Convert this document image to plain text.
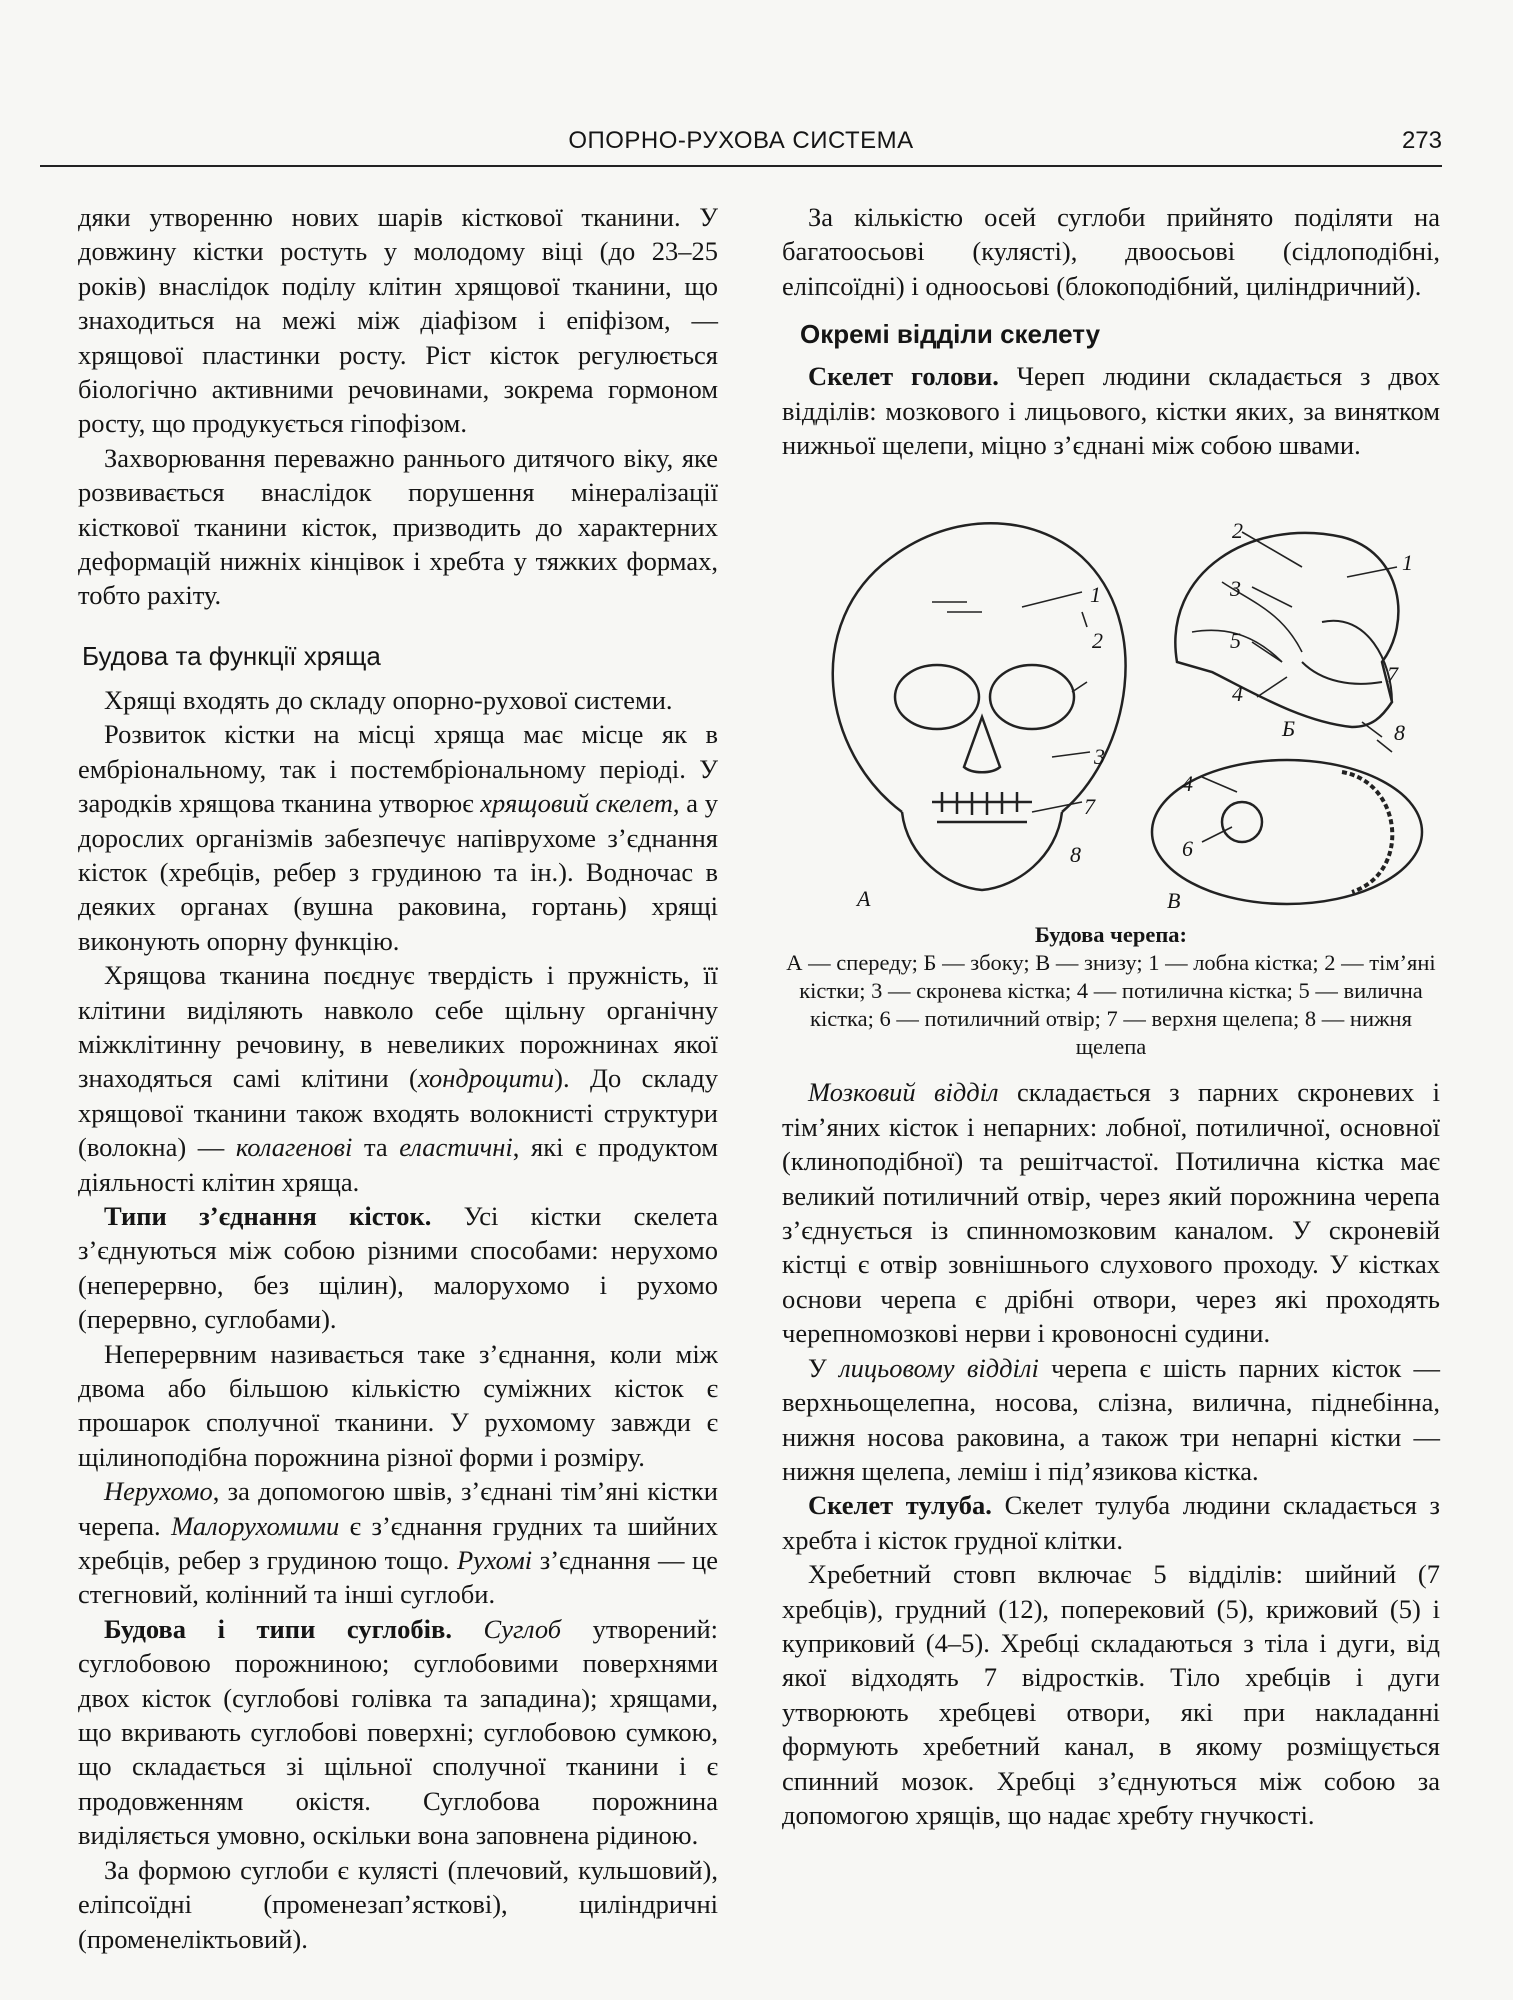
ОПОРНО-РУХОВА СИСТЕМА	273

дяки утворенню нових шарів кісткової тканини. У довжину кістки ростуть у молодому віці (до 23–25 років) внаслідок поділу клітин хрящової тканини, що знаходиться на межі між діафізом і епіфізом, — хрящової пластинки росту. Ріст кісток регулюється біологічно активними речовинами, зокрема гормоном росту, що продукується гіпофізом.

Захворювання переважно раннього дитячого віку, яке розвивається внаслідок порушення мінералізації кісткової тканини кісток, призводить до характерних деформацій нижніх кінцівок і хребта у тяжких формах, тобто рахіту.

Будова та функції хряща

Хрящі входять до складу опорно-рухової системи.

Розвиток кістки на місці хряща має місце як в ембріональному, так і постембріональному періоді. У зародків хрящова тканина утворює хрящовий скелет, а у дорослих організмів забезпечує напіврухоме з’єднання кісток (хребців, ребер з грудиною та ін.). Водночас в деяких органах (вушна раковина, гортань) хрящі виконують опорну функцію.

Хрящова тканина поєднує твердість і пружність, її клітини виділяють навколо себе щільну органічну міжклітинну речовину, в невеликих порожнинах якої знаходяться самі клітини (хондроцити). До складу хрящової тканини також входять волокнисті структури (волокна) — колагенові та еластичні, які є продуктом діяльності клітин хряща.

Типи з’єднання кісток. Усі кістки скелета з’єднуються між собою різними способами: нерухомо (неперервно, без щілин), малорухомо і рухомо (перервно, суглобами).

Неперервним називається таке з’єднання, коли між двома або більшою кількістю суміжних кісток є прошарок сполучної тканини. У рухомому завжди є щілиноподібна порожнина різної форми і розміру.

Нерухомо, за допомогою швів, з’єднані тім’яні кістки черепа. Малорухомими є з’єднання грудних та шийних хребців, ребер з грудиною тощо. Рухомі з’єднання — це стегновий, колінний та інші суглоби.

Будова і типи суглобів. Суглоб утворений: суглобовою порожниною; суглобовими поверхнями двох кісток (суглобові голівка та западина); хрящами, що вкривають суглобові поверхні; суглобовою сумкою, що складається зі щільної сполучної тканини і є продовженням окістя. Суглобова порожнина виділяється умовно, оскільки вона заповнена рідиною.

За формою суглоби є кулясті (плечовий, кульшовий), еліпсоїдні (променезап’ясткові), циліндричні (променеліктьовий).

За кількістю осей суглоби прийнято поділяти на багатоосьові (кулясті), двоосьові (сідлоподібні, еліпсоїдні) і одноосьові (блокоподібний, циліндричний).

Окремі відділи скелету

Скелет голови. Череп людини складається з двох відділів: мозкового і лицьового, кістки яких, за винятком нижньої щелепи, міцно з’єднані між собою швами.

1
2
3
7
8
2
1
3
5
4
7
8
Б
4
6
А	В
Будова черепа:
А — спереду; Б — збоку; В — знизу; 1 — лобна кістка; 2 — тім’яні кістки; 3 — скронева кістка; 4 — потилична кістка; 5 — вилична кістка; 6 — потиличний отвір; 7 — верхня щелепа; 8 — нижня щелепа

Мозковий відділ складається з парних скроневих і тім’яних кісток і непарних: лобної, потиличної, основної (клиноподібної) та решітчастої. Потилична кістка має великий потиличний отвір, через який порожнина черепа з’єднується із спинномозковим каналом. У скроневій кістці є отвір зовнішнього слухового проходу. У кістках основи черепа є дрібні отвори, через які проходять черепномозкові нерви і кровоносні судини.

У лицьовому відділі черепа є шість парних кісток — верхньощелепна, носова, слізна, вилична, піднебінна, нижня носова раковина, а також три непарні кістки — нижня щелепа, леміш і під’язикова кістка.

Скелет тулуба. Скелет тулуба людини складається з хребта і кісток грудної клітки.

Хребетний стовп включає 5 відділів: шийний (7 хребців), грудний (12), поперековий (5), крижовий (5) і куприковий (4–5). Хребці складаються з тіла і дуги, від якої відходять 7 відростків. Тіло хребців і дуги утворюють хребцеві отвори, які при накладанні формують хребетний канал, в якому розміщується спинний мозок. Хребці з’єднуються між собою за допомогою хрящів, що надає хребту гнучкості.
